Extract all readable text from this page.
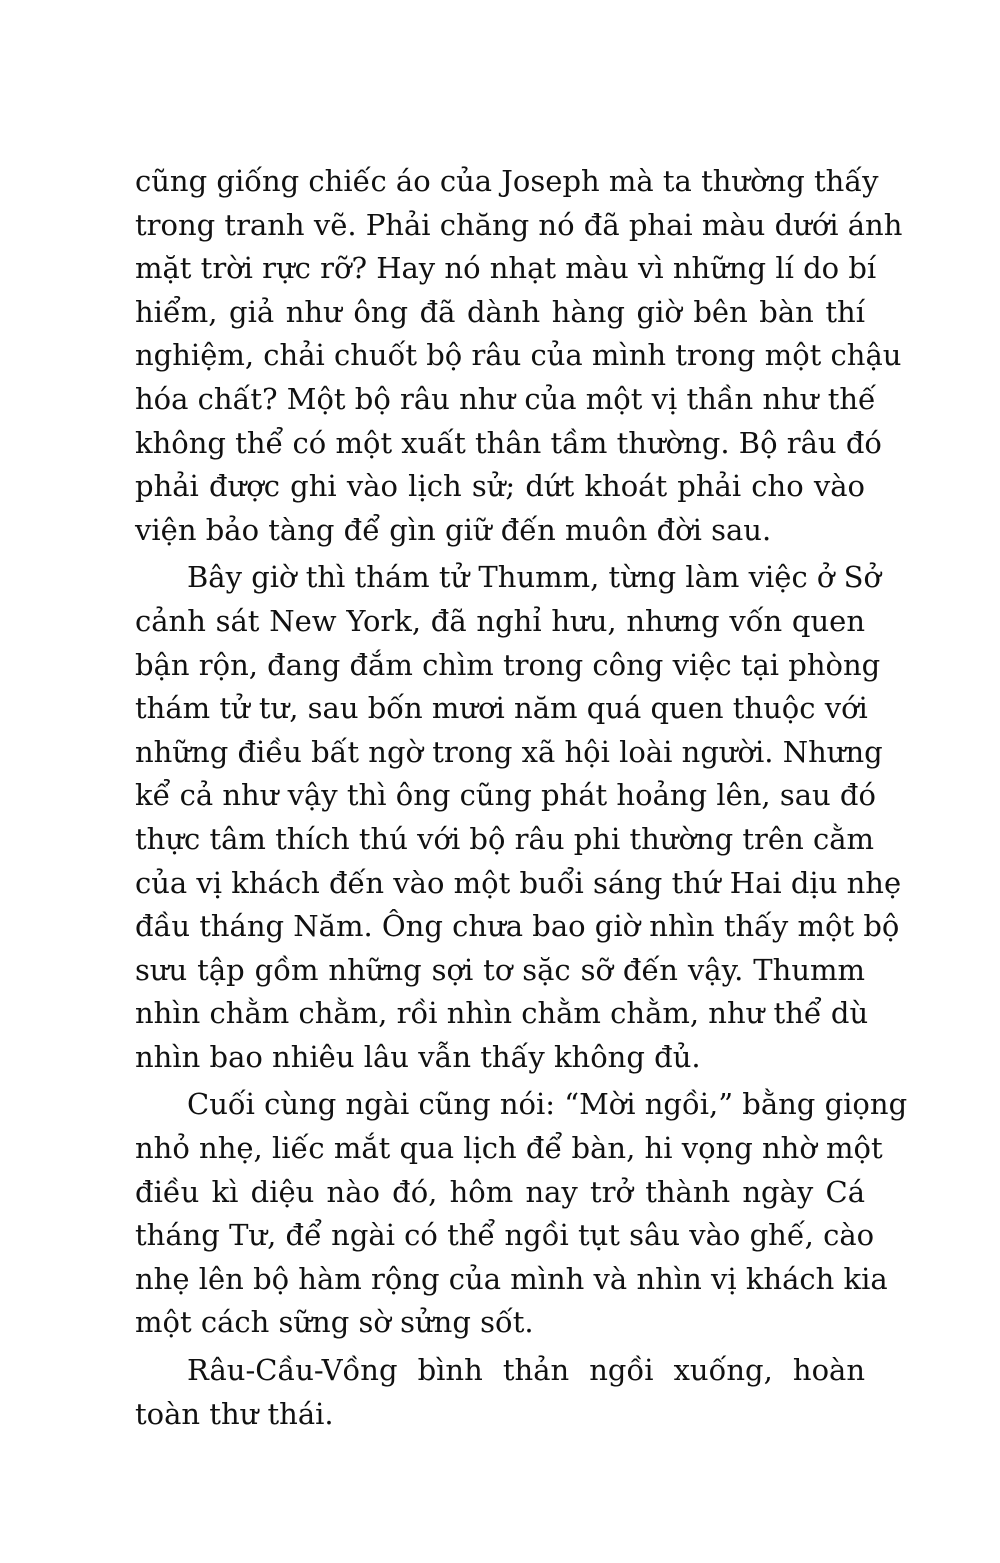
cũng giống chiếc áo của Joseph mà ta thường thấy
trong tranh vẽ. Phải chăng nó đã phai màu dưới ánh
mặt trời rực rỡ? Hay nó nhạt màu vì những lí do bí
hiểm, giả như ông đã dành hàng giờ bên bàn thí
nghiệm, chải chuốt bộ râu của mình trong một chậu
hóa chất? Một bộ râu như của một vị thần như thế
không thể có một xuất thân tầm thường. Bộ râu đó
phải được ghi vào lịch sử; dứt khoát phải cho vào
viện bảo tàng để gìn giữ đến muôn đời sau.

Bây giờ thì thám tử Thumm, từng làm việc ở Sở
cảnh sát New York, đã nghỉ hưu, nhưng vốn quen
bận rộn, đang đắm chìm trong công việc tại phòng
thám tử tư, sau bốn mươi năm quá quen thuộc với
những điều bất ngờ trong xã hội loài người. Nhưng
kể cả như vậy thì ông cũng phát hoảng lên, sau đó
thực tâm thích thú với bộ râu phi thường trên cằm
của vị khách đến vào một buổi sáng thứ Hai dịu nhẹ
đầu tháng Năm. Ông chưa bao giờ nhìn thấy một bộ
sưu tập gồm những sợi tơ sặc sỡ đến vậy. Thumm
nhìn chằm chằm, rồi nhìn chằm chằm, như thể dù
nhìn bao nhiêu lâu vẫn thấy không đủ.

Cuối cùng ngài cũng nói: “Mời ngồi,” bằng giọng
nhỏ nhẹ, liếc mắt qua lịch để bàn, hi vọng nhờ một
điều kì diệu nào đó, hôm nay trở thành ngày Cá
tháng Tư, để ngài có thể ngồi tụt sâu vào ghế, cào
nhẹ lên bộ hàm rộng của mình và nhìn vị khách kia
một cách sững sờ sửng sốt.

Râu-Cầu-Vồng bình thản ngồi xuống, hoàn
toàn thư thái.
